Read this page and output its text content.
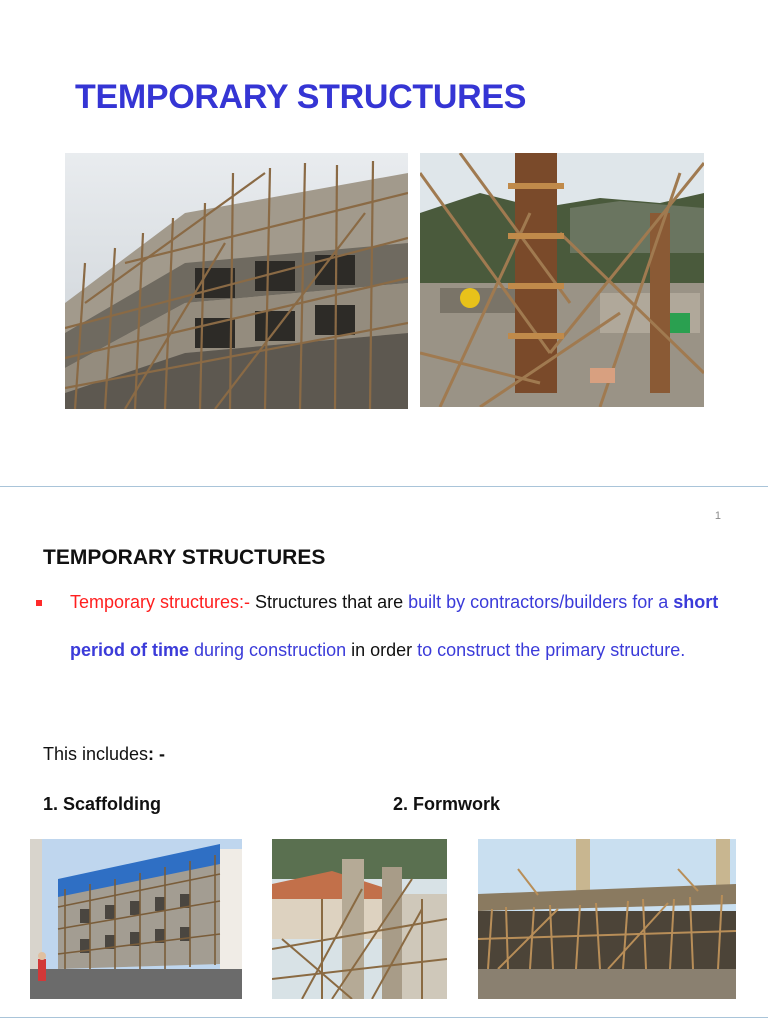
TEMPORARY STRUCTURES
1
TEMPORARY STRUCTURES
Temporary structures:- Structures that are built by contractors/builders for a short period of time during construction in order to construct the primary structure.
This includes: -
1. Scaffolding	2. Formwork
